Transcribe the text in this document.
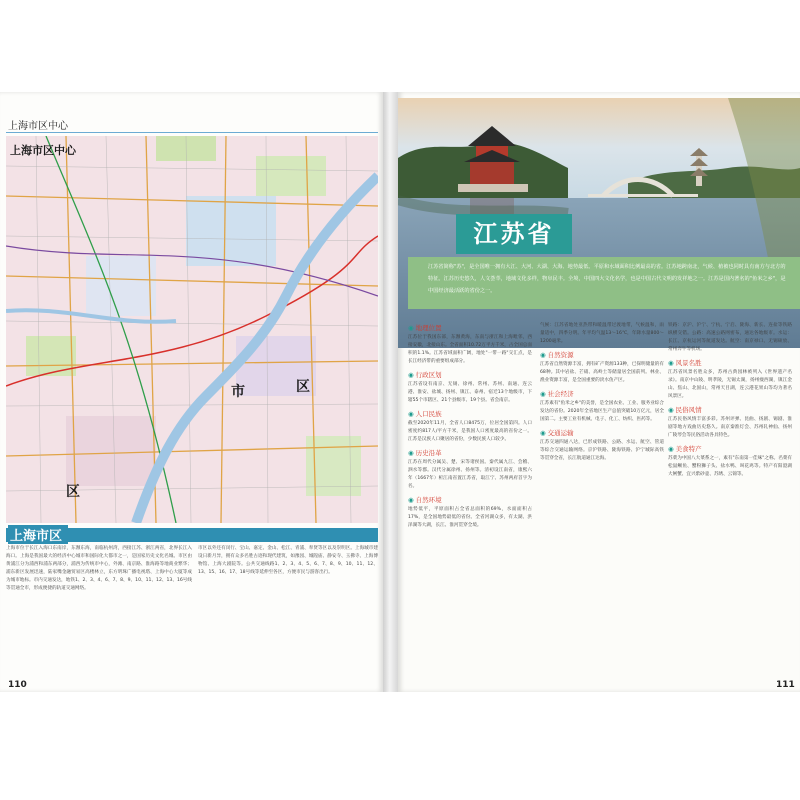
上海市区中心
上海市区中心
市
区
区
上海市区
上海市位于长江入海口东南岸，东濒东海，南临杭州湾，西接江苏、浙江两省，北界长江入海口。上海是我国最大的经济中心城市和国际化大都市之一，是国家历史文化名城。市区由黄浦江分为浦西和浦东两部分，浦西为传统市中心，外滩、南京路、淮海路等地商业繁华；浦东新区发展迅速，陆家嘴金融贸易区高楼林立，东方明珠广播电视塔、上海中心大厦等成为城市地标。市内交通发达，地铁1、2、3、4、6、7、8、9、10、11、12、13、16号线等贯通全市，形成便捷的轨道交通网络。
市区以外还有闵行、宝山、嘉定、金山、松江、青浦、奉贤等区以及崇明区。上海城市建设日新月异，拥有众多名胜古迹和现代建筑，如豫园、城隍庙、静安寺、玉佛寺、上海博物馆、上海大剧院等。公共交通线路1、2、3、4、5、6、7、8、9、10、11、12、13、15、16、17、18号线等延伸至各区，方便市民与游客出行。
110
江苏省
江苏省简称"苏"，是全国唯一拥有大江、大河、大湖、大海、地势最低、平原和水域面积比例最高的省。江苏地跨南北，气候、植被也同时具有南方与北方的特征。江苏历史悠久，人文荟萃，地域文化多样，物阜民丰。全境，中国四大文化名学，也是中国古代文明的发祥地之一。江苏是国内著名的"鱼米之乡"，是中国经济最活跃的省份之一。
◉ 地理位置

江苏位于我国东部，东濒黄海，东南与浙江和上海毗邻，西接安徽，北接山东。全省面积10.72万平方千米，占全国总面积的1.1%。江苏省域面积广阔，地处"一带一路"交汇点，是长江经济带的重要组成部分。

◉ 行政区划

江苏省设有南京、无锡、徐州、常州、苏州、南通、连云港、淮安、盐城、扬州、镇江、泰州、宿迁13个地级市，下辖55个市辖区、21个县级市、19个县。省会南京。

◉ 人口民族

截至2020年11月，全省人口8475万，位居全国第四。人口密度约817人/平方千米，是我国人口密度最高的省份之一。江苏是汉族人口聚居的省份，少数民族人口较少。

◉ 历史沿革

江苏在周代分属吴、楚、宋等诸侯国。秦代属九江、会稽、泗水等郡。汉代分属徐州、扬州等。清初设江南省，康熙六年（1667年）析江南省置江苏省，取江宁、苏州两府首字为名。

◉ 自然环境

地势低平，平原面积占全省总面积的69%，水面面积占17%，是全国地势最低的省份。全省河湖众多，有太湖、洪泽湖等大湖，长江、淮河贯穿全境。

气候：江苏省地处亚热带和暖温带过渡地带，气候温和，雨量适中，四季分明。年平均气温13～16℃，年降水量800～1200毫米。

◉ 自然资源

江苏省自然资源丰富，拥有矿产资源133种，已探明储量的有68种。其中岩盐、芒硝、高岭土等储量居全国前列。林业、渔业资源丰富，是全国重要的淡水鱼产区。

◉ 社会经济

江苏素有"鱼米之乡"的美誉，是全国农业、工业、服务业综合发达的省份。2020年全省地区生产总值突破10万亿元，居全国第二。主要工业有机械、电子、化工、纺织、医药等。

◉ 交通运输

江苏交通四通八达，已形成铁路、公路、水运、航空、管道等综合交通运输网络。京沪铁路、陇海铁路、沪宁城际高铁等贯穿全省，长江航道通江达海。

铁路：京沪、沪宁、宁杭、宁启、陇海、新长、连盐等铁路纵横交错。公路：高速公路网密布，通达各地级市。水运：长江、京杭运河等航道发达。航空：南京禄口、无锡硕放、常州奔牛等机场。

◉ 风景名胜

江苏省风景名胜众多，苏州古典园林被列入《世界遗产名录》。南京中山陵、明孝陵，无锡太湖，扬州瘦西湖，镇江金山、焦山、北固山，常州天目湖，连云港花果山等均为著名风景区。

◉ 民俗风情

江苏民俗风情丰富多彩。苏州评弹、昆曲、扬剧、锡剧、淮剧等地方戏曲历史悠久。南京秦淮灯会、苏州轧神仙、扬州广陵琴会等民俗活动各具特色。

◉ 美食特产

苏菜为中国八大菜系之一，素有"东南第一佳味"之称。名菜有松鼠鳜鱼、蟹粉狮子头、盐水鸭、叫花鸡等。特产有阳澄湖大闸蟹、宜兴紫砂壶、苏绣、云锦等。

111
